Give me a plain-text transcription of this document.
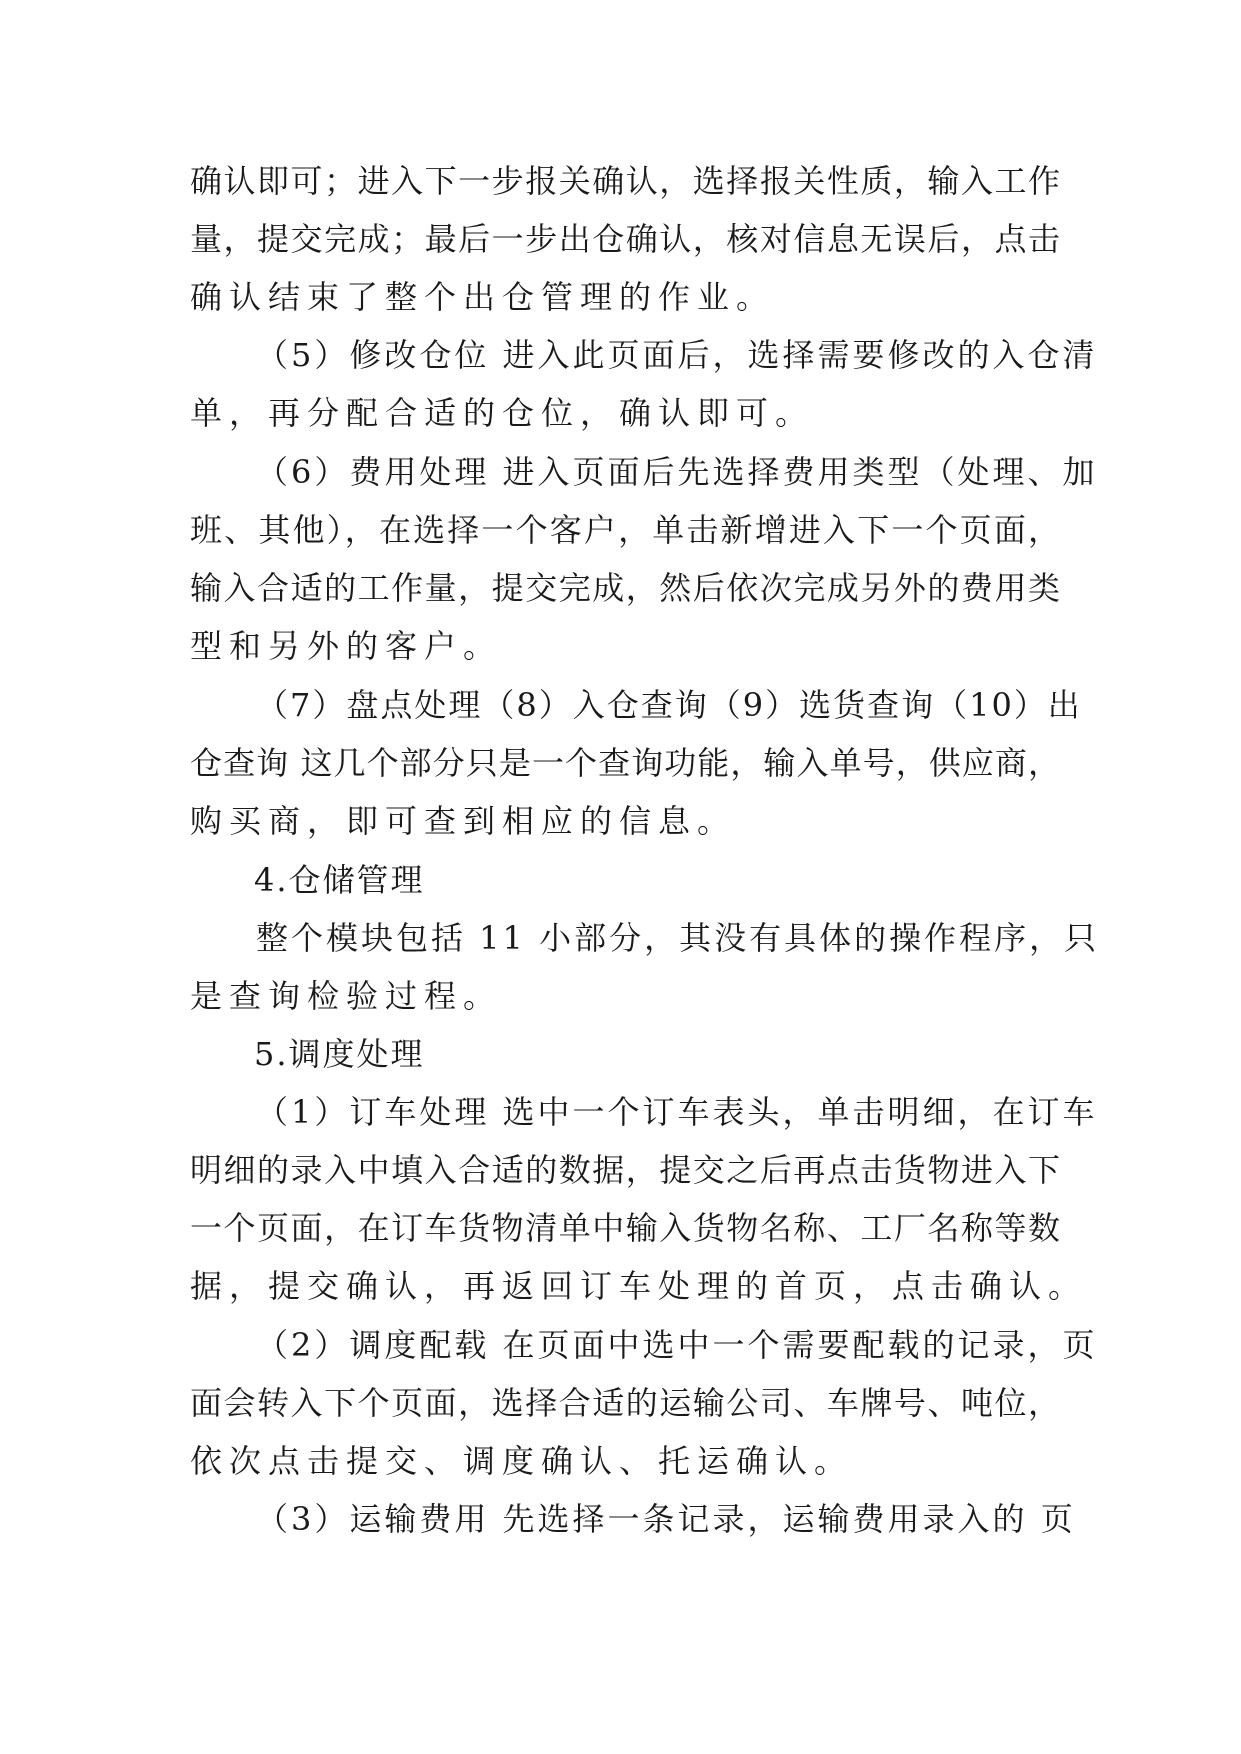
确认即可；进入下一步报关确认，选择报关性质，输入工作
量，提交完成；最后一步出仓确认，核对信息无误后，点击
确认结束了整个出仓管理的作业。
（5）修改仓位 进入此页面后，选择需要修改的入仓清
单，再分配合适的仓位，确认即可。
（6）费用处理 进入页面后先选择费用类型（处理、加
班、其他），在选择一个客户，单击新增进入下一个页面，
输入合适的工作量，提交完成，然后依次完成另外的费用类
型和另外的客户。
（7）盘点处理（8）入仓查询（9）选货查询（10）出
仓查询 这几个部分只是一个查询功能，输入单号，供应商，
购买商，即可查到相应的信息。
4.仓储管理
整个模块包括 11 小部分，其没有具体的操作程序，只
是查询检验过程。
5.调度处理
（1）订车处理 选中一个订车表头，单击明细，在订车
明细的录入中填入合适的数据，提交之后再点击货物进入下
一个页面，在订车货物清单中输入货物名称、工厂名称等数
据，提交确认，再返回订车处理的首页，点击确认。
（2）调度配载 在页面中选中一个需要配载的记录，页
面会转入下个页面，选择合适的运输公司、车牌号、吨位，
依次点击提交、调度确认、托运确认。
（3）运输费用 先选择一条记录，运输费用录入的 页
